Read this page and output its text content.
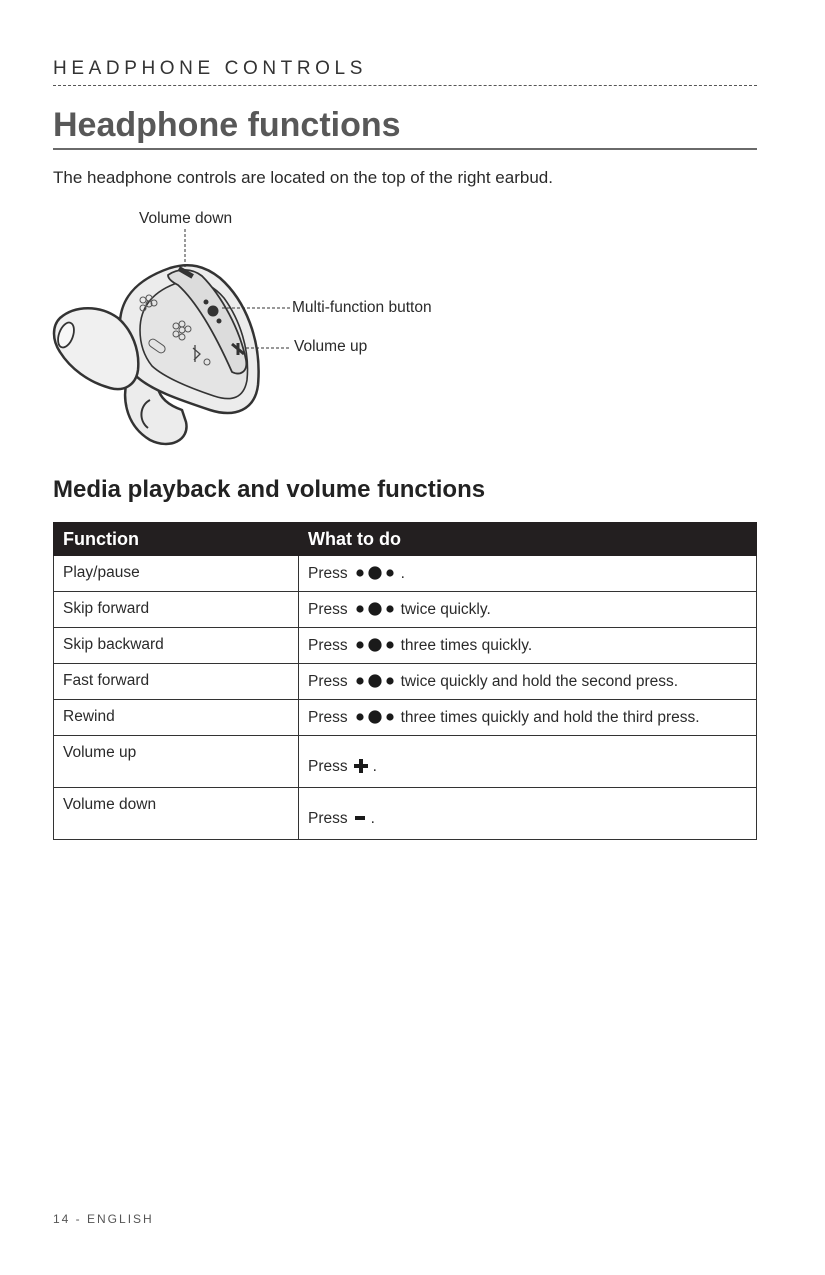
HEADPHONE CONTROLS
Headphone functions
The headphone controls are located on the top of the right earbud.
Volume down
Multi-function button
Volume up
Media playback and volume functions
Function	What to do
Play/pause	Press .
Skip forward	Press twice quickly.
Skip backward	Press three times quickly.
Fast forward	Press twice quickly and hold the second press.
Rewind	Press three times quickly and hold the third press.
Volume up	Press .
Volume down	Press .
14 - ENGLISH
